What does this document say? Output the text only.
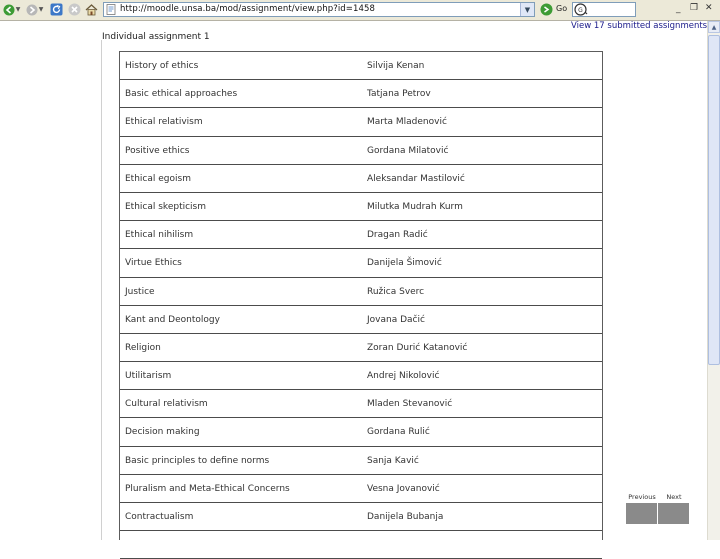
▼	▼	http://moodle.unsa.ba/mod/assignment/view.php?id=1458	▼	Go G	_ ❐ ✕
View 17 submitted assignments
Individual assignment 1
History of ethics	Silvija Kenan
Basic ethical approaches	Tatjana Petrov
Ethical relativism	Marta Mladenović
Positive ethics	Gordana Milatović
Ethical egoism	Aleksandar Mastilović
Ethical skepticism	Milutka Mudrah Kurm
Ethical nihilism	Dragan Radić
Virtue Ethics	Danijela Šimović
Justice	Ružica Sverc
Kant and Deontology	Jovana Dačić
Religion	Zoran Durić Katanović
Utilitarism	Andrej Nikolović
Cultural relativism	Mladen Stevanović
Decision making	Gordana Rulić
Basic principles to define norms	Sanja Kavić
Pluralism and Meta-Ethical Concerns	Vesna Jovanović
Contractualism	Danijela Bubanja
▲
Previous	Next
